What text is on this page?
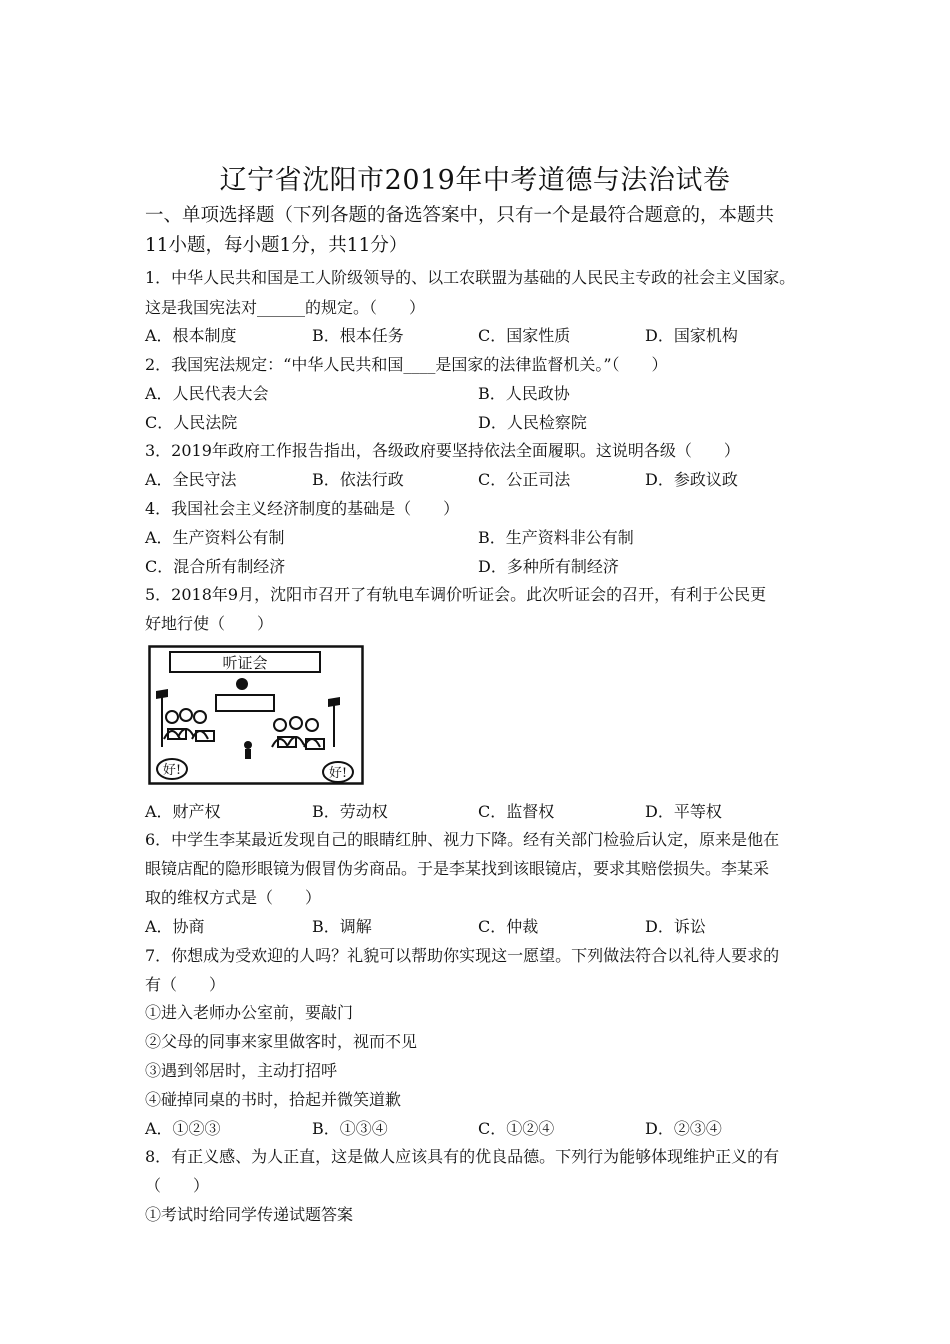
辽宁省沈阳市2019年中考道德与法治试卷
一、单项选择题（下列各题的备选答案中，只有一个是最符合题意的，本题共
11小题，每小题1分，共11分）
1．中华人民共和国是工人阶级领导的、以工农联盟为基础的人民民主专政的社会主义国家。
这是我国宪法对______的规定。（　　）
A．根本制度	B．根本任务	C．国家性质	D．国家机构
2．我国宪法规定：“中华人民共和国____是国家的法律监督机关。”（　　）
A．人民代表大会	B．人民政协
C．人民法院	D．人民检察院
3．2019年政府工作报告指出，各级政府要坚持依法全面履职。这说明各级（　　）
A．全民守法	B．依法行政	C．公正司法	D．参政议政
4．我国社会主义经济制度的基础是（　　）
A．生产资料公有制	B．生产资料非公有制
C．混合所有制经济	D．多种所有制经济
5．2018年9月，沈阳市召开了有轨电车调价听证会。此次听证会的召开，有利于公民更
好地行使（　　）
听证会
好!	好!
A．财产权	B．劳动权	C．监督权	D．平等权
6．中学生李某最近发现自己的眼睛红肿、视力下降。经有关部门检验后认定，原来是他在
眼镜店配的隐形眼镜为假冒伪劣商品。于是李某找到该眼镜店，要求其赔偿损失。李某采
取的维权方式是（　　）
A．协商	B．调解	C．仲裁	D．诉讼
7．你想成为受欢迎的人吗？礼貌可以帮助你实现这一愿望。下列做法符合以礼待人要求的
有（　　）
①进入老师办公室前，要敲门
②父母的同事来家里做客时，视而不见
③遇到邻居时，主动打招呼
④碰掉同桌的书时，拾起并微笑道歉
A．①②③	B．①③④	C．①②④	D．②③④
8．有正义感、为人正直，这是做人应该具有的优良品德。下列行为能够体现维护正义的有
（　　）
①考试时给同学传递试题答案
